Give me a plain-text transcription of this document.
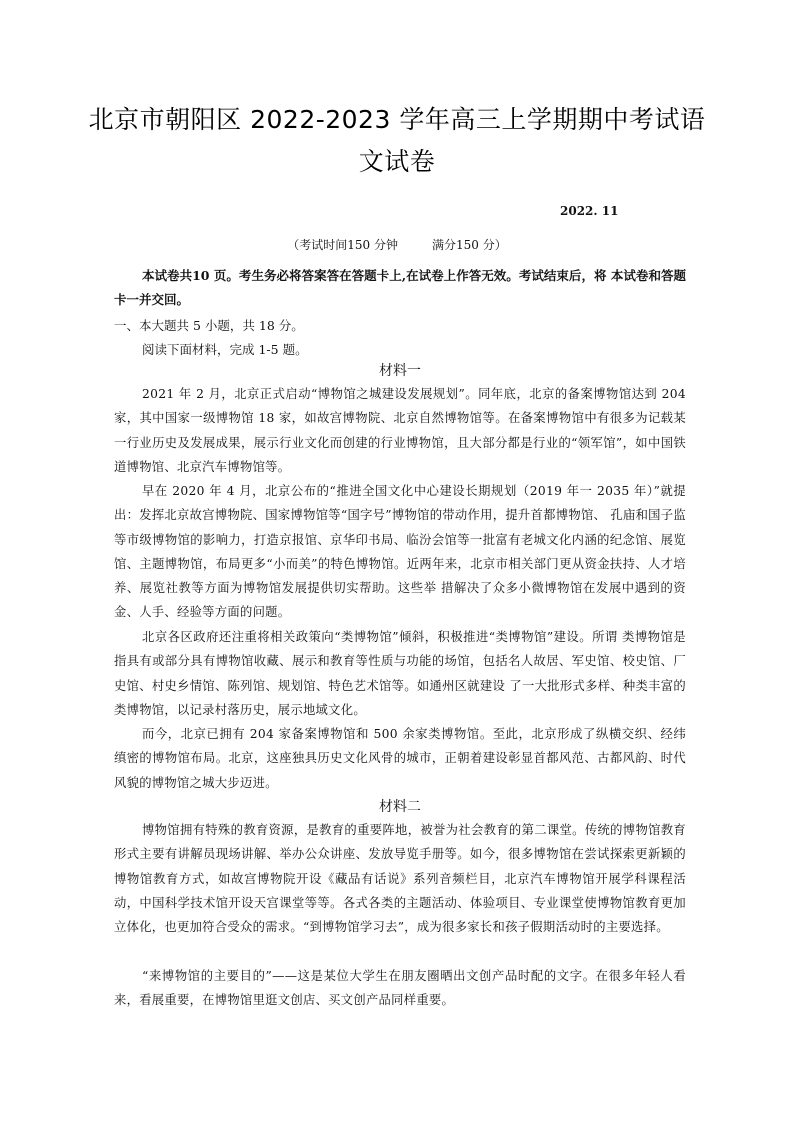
北京市朝阳区 2022-2023 学年高三上学期期中考试语
文试卷
2022. 11
（考试时间150 分钟	满分150 分）
本试卷共10 页。考生务必将答案答在答题卡上,在试卷上作答无效。考试结束后，将 本试卷和答题卡一并交回。
一、本大题共 5 小题，共 18 分。
阅读下面材料，完成 1-5 题。
材料一
2021 年 2 月，北京正式启动“博物馆之城建设发展规划”。同年底，北京的备案博物馆达到 204 家，其中国家一级博物馆 18 家，如故宫博物院、北京自然博物馆等。在备案博物馆中有很多为记载某一行业历史及发展成果，展示行业文化而创建的行业博物馆，且大部分都是行业的“领军馆”，如中国铁道博物馆、北京汽车博物馆等。
早在 2020 年 4 月，北京公布的“推进全国文化中心建设长期规划（2019 年一 2035 年）”就提出：发挥北京故宫博物院、国家博物馆等“国字号”博物馆的带动作用，提升首都博物馆、 孔庙和国子监等市级博物馆的影响力，打造京报馆、京华印书局、临汾会馆等一批富有老城文化内涵的纪念馆、展览馆、主题博物馆，布局更多“小而美”的特色博物馆。近两年来，北京市相关部门更从资金扶持、人才培养、展览社教等方面为博物馆发展提供切实帮助。这些举 措解决了众多小微博物馆在发展中遇到的资金、人手、经验等方面的问题。
北京各区政府还注重将相关政策向“类博物馆”倾斜，积极推进“类博物馆”建设。所谓 类博物馆是指具有或部分具有博物馆收藏、展示和教育等性质与功能的场馆，包括名人故居、军史馆、校史馆、厂史馆、村史乡情馆、陈列馆、规划馆、特色艺术馆等。如通州区就建设 了一大批形式多样、种类丰富的类博物馆，以记录村落历史，展示地域文化。
而今，北京已拥有 204 家备案博物馆和 500 余家类博物馆。至此，北京形成了纵横交织、经纬缜密的博物馆布局。北京，这座独具历史文化风骨的城市，正朝着建设彰显首都风范、古都风韵、时代风貌的博物馆之城大步迈进。
材料二
博物馆拥有特殊的教育资源，是教育的重要阵地，被誉为社会教育的第二课堂。传统的博物馆教育形式主要有讲解员现场讲解、举办公众讲座、发放导览手册等。如今，很多博物馆在尝试探索更新颖的博物馆教育方式，如故宫博物院开设《藏品有话说》系列音频栏目，北京汽车博物馆开展学科课程活动，中国科学技术馆开设天宫课堂等等。各式各类的主题活动、体验项目、专业课堂使博物馆教育更加立体化，也更加符合受众的需求。“到博物馆学习去”，成为很多家长和孩子假期活动时的主要选择。
“来博物馆的主要目的”——这是某位大学生在朋友圈晒出文创产品时配的文字。在很多年轻人看来，看展重要，在博物馆里逛文创店、买文创产品同样重要。
